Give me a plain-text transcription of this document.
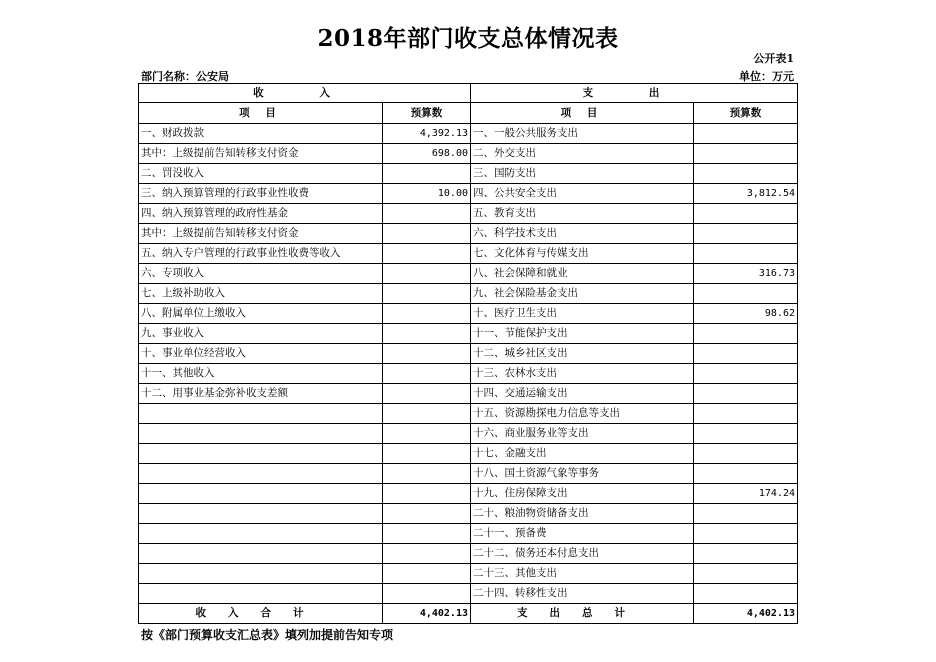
2018年部门收支总体情况表
公开表1
部门名称：公安局	单位：万元
收 入		支 出	
项 目	预算数	项 目	预算数
一、财政拨款	4,392.13	一、一般公共服务支出	
其中：上级提前告知转移支付资金	698.00	二、外交支出	
二、罚没收入		三、国防支出	
三、纳入预算管理的行政事业性收费	10.00	四、公共安全支出	3,812.54
四、纳入预算管理的政府性基金		五、教育支出	
其中：上级提前告知转移支付资金		六、科学技术支出	
五、纳入专户管理的行政事业性收费等收入		七、文化体育与传媒支出	
六、专项收入		八、社会保障和就业	316.73
七、上级补助收入		九、社会保险基金支出	
八、附属单位上缴收入		十、医疗卫生支出	98.62
九、事业收入		十一、节能保护支出	
十、事业单位经营收入		十二、城乡社区支出	
十一、其他收入		十三、农林水支出	
十二、用事业基金弥补收支差额		十四、交通运输支出	
		十五、资源勘探电力信息等支出	
		十六、商业服务业等支出	
		十七、金融支出	
		十八、国土资源气象等事务	
		十九、住房保障支出	174.24
		二十、粮油物资储备支出	
		二十一、预备费	
		二十二、债务还本付息支出	
		二十三、其他支出	
		二十四、转移性支出	
收入合计	4,402.13	支出总计	4,402.13
按《部门预算收支汇总表》填列加提前告知专项
